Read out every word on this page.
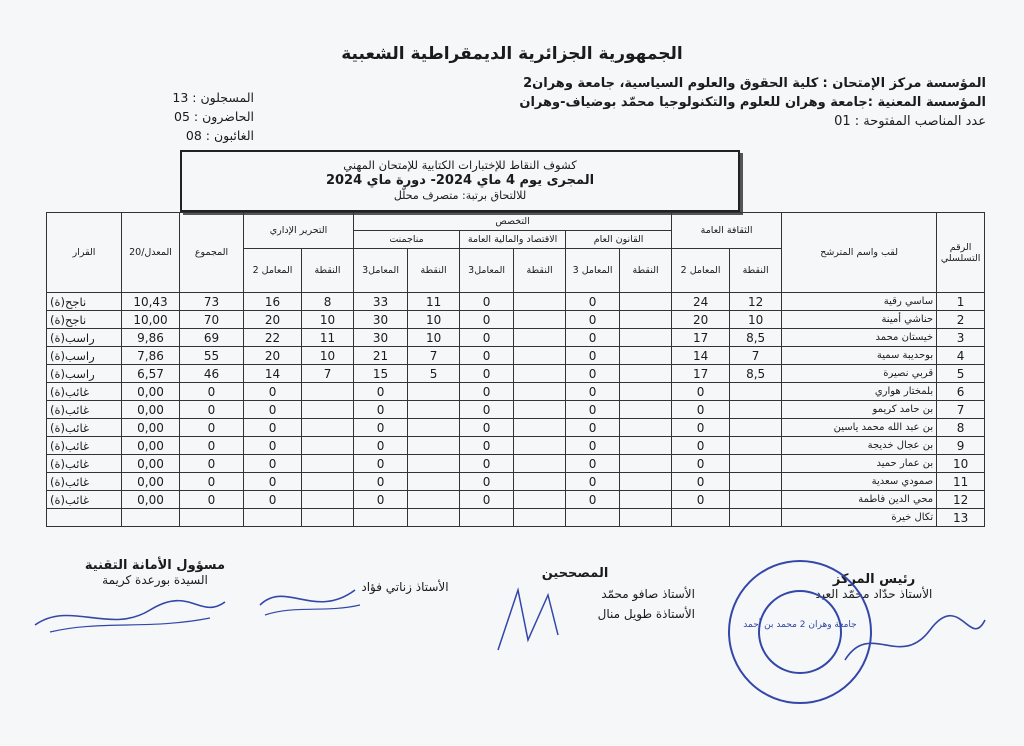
الجمهورية الجزائرية الديمقراطية الشعبية
المؤسسة مركز الإمتحان : كلية الحقوق والعلوم السياسية، جامعة وهران2
المؤسسة المعنية :جامعة وهران للعلوم والتكنولوجيا محمّد بوضياف-وهران
عدد المناصب المفتوحة : 01
المسجلون : 13
الحاضرون : 05
الغائبون : 08
كشوف النقاط للإختبارات الكتابية للإمتحان المهني
المجرى يوم 4 ماي 2024- دورة ماي 2024
للالتحاق برتبة: متصرف محلّل
الرقم التسلسلي	لقب واسم المترشح	الثقافة العامة		التخصص						التحرير الإداري		المجموع	المعدل/20	القرار
				القانون العام		الاقتصاد والمالية العامة		مناجمنت						
		النقطة	المعامل 2	النقطة	المعامل 3	النقطة	المعامل3	النقطة	المعامل3	النقطة	المعامل 2			
1	ساسي رقية	12	24		0		0	11	33	8	16	73	10,43	ناجح(ة)
2	حناشي أمينة	10	20		0		0	10	30	10	20	70	10,00	ناجح(ة)
3	خيستان محمد	8,5	17		0		0	10	30	11	22	69	9,86	راسب(ة)
4	بوحديبة سمية	7	14		0		0	7	21	10	20	55	7,86	راسب(ة)
5	قربي نصيرة	8,5	17		0		0	5	15	7	14	46	6,57	راسب(ة)
6	بلمختار هواري		0		0		0		0		0	0	0,00	غائب(ة)
7	بن حامد كريمو		0		0		0		0		0	0	0,00	غائب(ة)
8	بن عبد الله محمد ياسين		0		0		0		0		0	0	0,00	غائب(ة)
9	بن عجال خديجة		0		0		0		0		0	0	0,00	غائب(ة)
10	بن عمار حميد		0		0		0		0		0	0	0,00	غائب(ة)
11	صمودي سعدية		0		0		0		0		0	0	0,00	غائب(ة)
12	محي الدين فاطمة		0		0		0		0		0	0	0,00	غائب(ة)
13	تكال خيرة													
رئيس المركز
الأستاذ حدّاد محمّد العيد
المصححين
الأستاذ صافو محمّد
الأستاذة طويل منال
الأستاذ زناتي فؤاد
مسؤول الأمانة التقنية
السيدة بورعدة كريمة
جامعة وهران 2 محمد بن أحمد
